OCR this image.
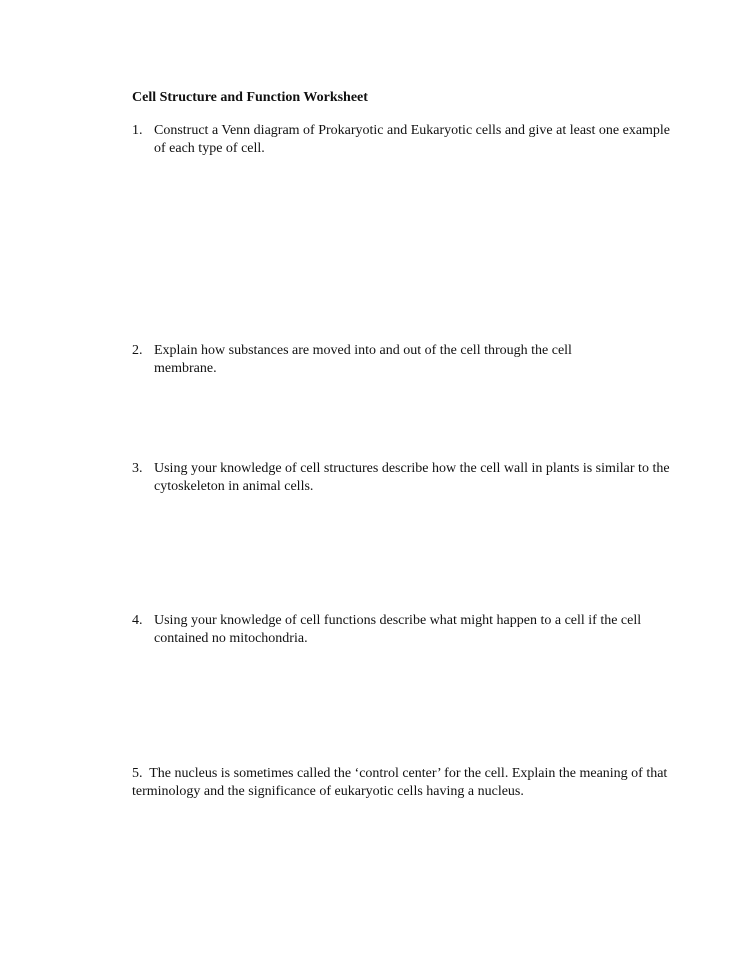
Cell Structure and Function Worksheet
1. Construct a Venn diagram of Prokaryotic and Eukaryotic cells and give at least one example of each type of cell.
2. Explain how substances are moved into and out of the cell through the cell membrane.
3. Using your knowledge of cell structures describe how the cell wall in plants is similar to the cytoskeleton in animal cells.
4. Using your knowledge of cell functions describe what might happen to a cell if the cell contained no mitochondria.
5. The nucleus is sometimes called the ‘control center’ for the cell. Explain the meaning of that terminology and the significance of eukaryotic cells having a nucleus.
